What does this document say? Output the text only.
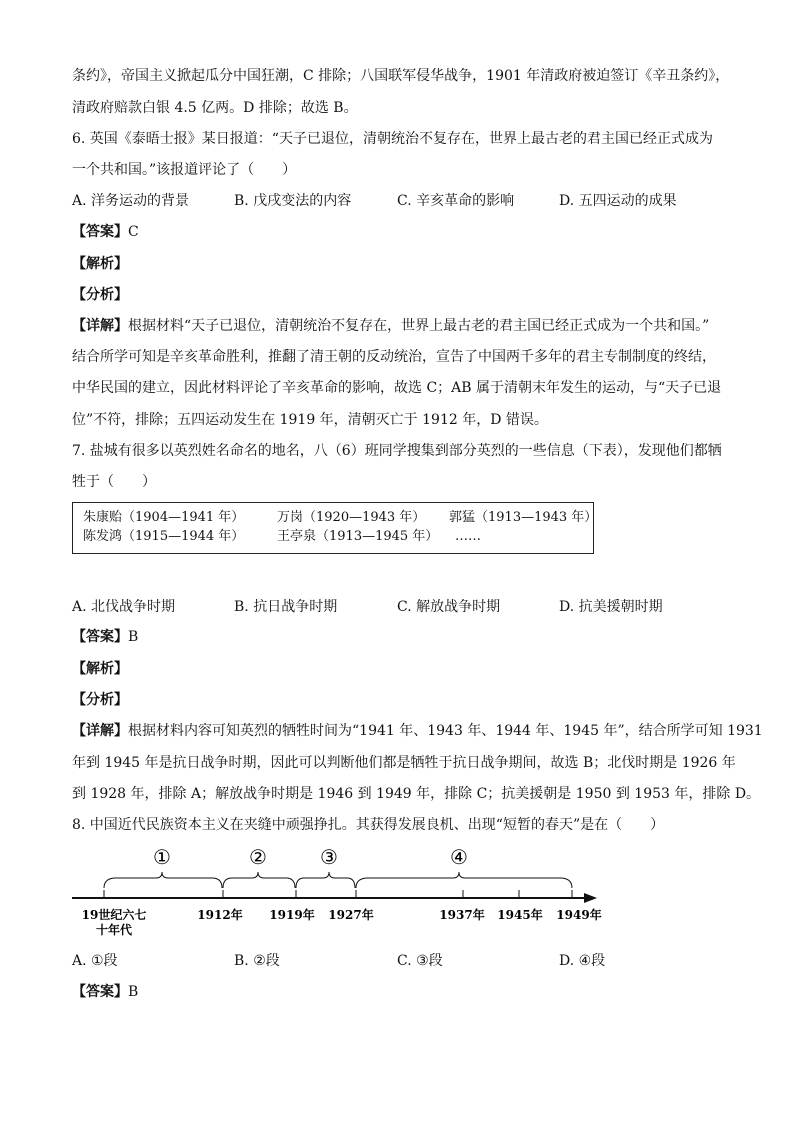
条约》，帝国主义掀起瓜分中国狂潮，C 排除；八国联军侵华战争，1901 年清政府被迫签订《辛丑条约》，
清政府赔款白银 4.5 亿两。D 排除；故选 B。
6. 英国《泰晤士报》某日报道：“天子已退位，清朝统治不复存在，世界上最古老的君主国已经正式成为
一个共和国。”该报道评论了（　　）
A. 洋务运动的背景	B. 戊戌变法的内容	C. 辛亥革命的影响	D. 五四运动的成果
【答案】C
【解析】
【分析】
【详解】根据材料“天子已退位，清朝统治不复存在，世界上最古老的君主国已经正式成为一个共和国。”
结合所学可知是辛亥革命胜利，推翻了清王朝的反动统治，宣告了中国两千多年的君主专制制度的终结，
中华民国的建立，因此材料评论了辛亥革命的影响，故选 C；AB 属于清朝末年发生的运动，与“天子已退
位”不符，排除；五四运动发生在 1919 年，清朝灭亡于 1912 年，D 错误。
7. 盐城有很多以英烈姓名命名的地名，八（6）班同学搜集到部分英烈的一些信息（下表），发现他们都牺
牲于（　　）
朱康贻（1904—1941 年）	万岗（1920—1943 年） 郭猛（1913—1943 年）
陈发鸿（1915—1944 年）	王亭泉（1913—1945 年） ……
A. 北伐战争时期	B. 抗日战争时期	C. 解放战争时期	D. 抗美援朝时期
【答案】B
【解析】
【分析】
【详解】根据材料内容可知英烈的牺牲时间为“1941 年、1943 年、1944 年、1945 年”，结合所学可知 1931
年到 1945 年是抗日战争时期，因此可以判断他们都是牺牲于抗日战争期间，故选 B；北伐时期是 1926 年
到 1928 年，排除 A；解放战争时期是 1946 到 1949 年，排除 C；抗美援朝是 1950 到 1953 年，排除 D。
8. 中国近代民族资本主义在夹缝中顽强挣扎。其获得发展良机、出现“短暂的春天”是在（　　）
①	②	③	④
19世纪六七
十年代
1912年 1919年 1927年	1937年 1945年 1949年
A. ①段	B. ②段	C. ③段	D. ④段
【答案】B
